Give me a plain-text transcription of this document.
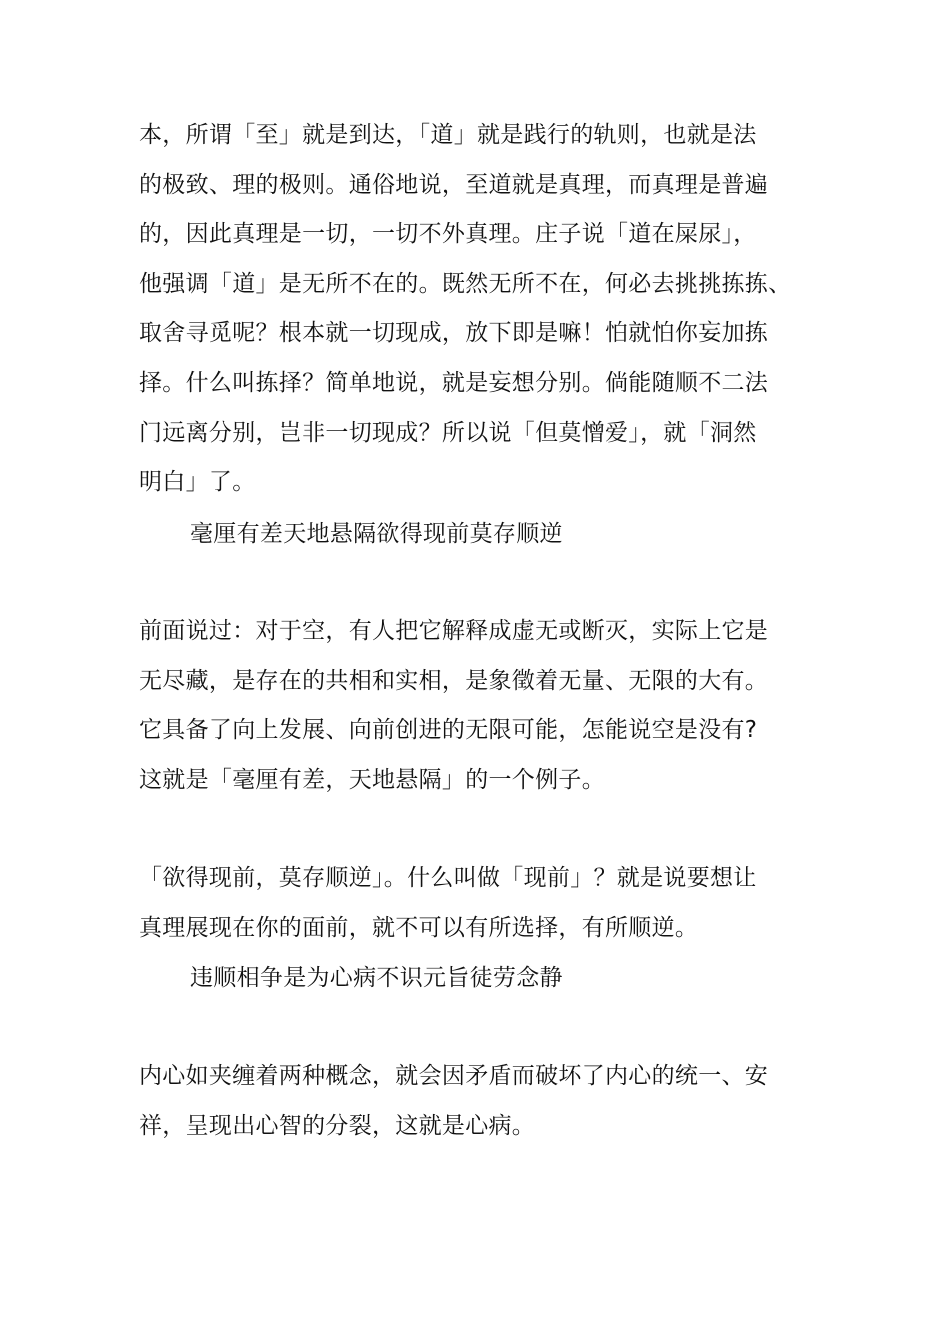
本，所谓「至」就是到达，「道」就是践行的轨则，也就是法
的极致、理的极则。通俗地说，至道就是真理，而真理是普遍
的，因此真理是一切，一切不外真理。庄子说「道在屎尿」，
他强调「道」是无所不在的。既然无所不在，何必去挑挑拣拣、
取舍寻觅呢？根本就一切现成，放下即是嘛！怕就怕你妄加拣
择。什么叫拣择？简单地说，就是妄想分别。倘能随顺不二法
门远离分别，岂非一切现成？所以说「但莫憎爱」，就「洞然
明白」了。
毫厘有差天地悬隔欲得现前莫存顺逆
前面说过：对于空，有人把它解释成虚无或断灭，实际上它是
无尽藏，是存在的共相和实相，是象徵着无量、无限的大有。
它具备了向上发展、向前创进的无限可能，怎能说空是没有?
这就是「毫厘有差，天地悬隔」的一个例子。
「欲得现前，莫存顺逆」。什么叫做「现前」？就是说要想让
真理展现在你的面前，就不可以有所选择，有所顺逆。
违顺相争是为心病不识元旨徒劳念静
内心如夹缠着两种概念，就会因矛盾而破坏了内心的统一、安
祥，呈现出心智的分裂，这就是心病。
